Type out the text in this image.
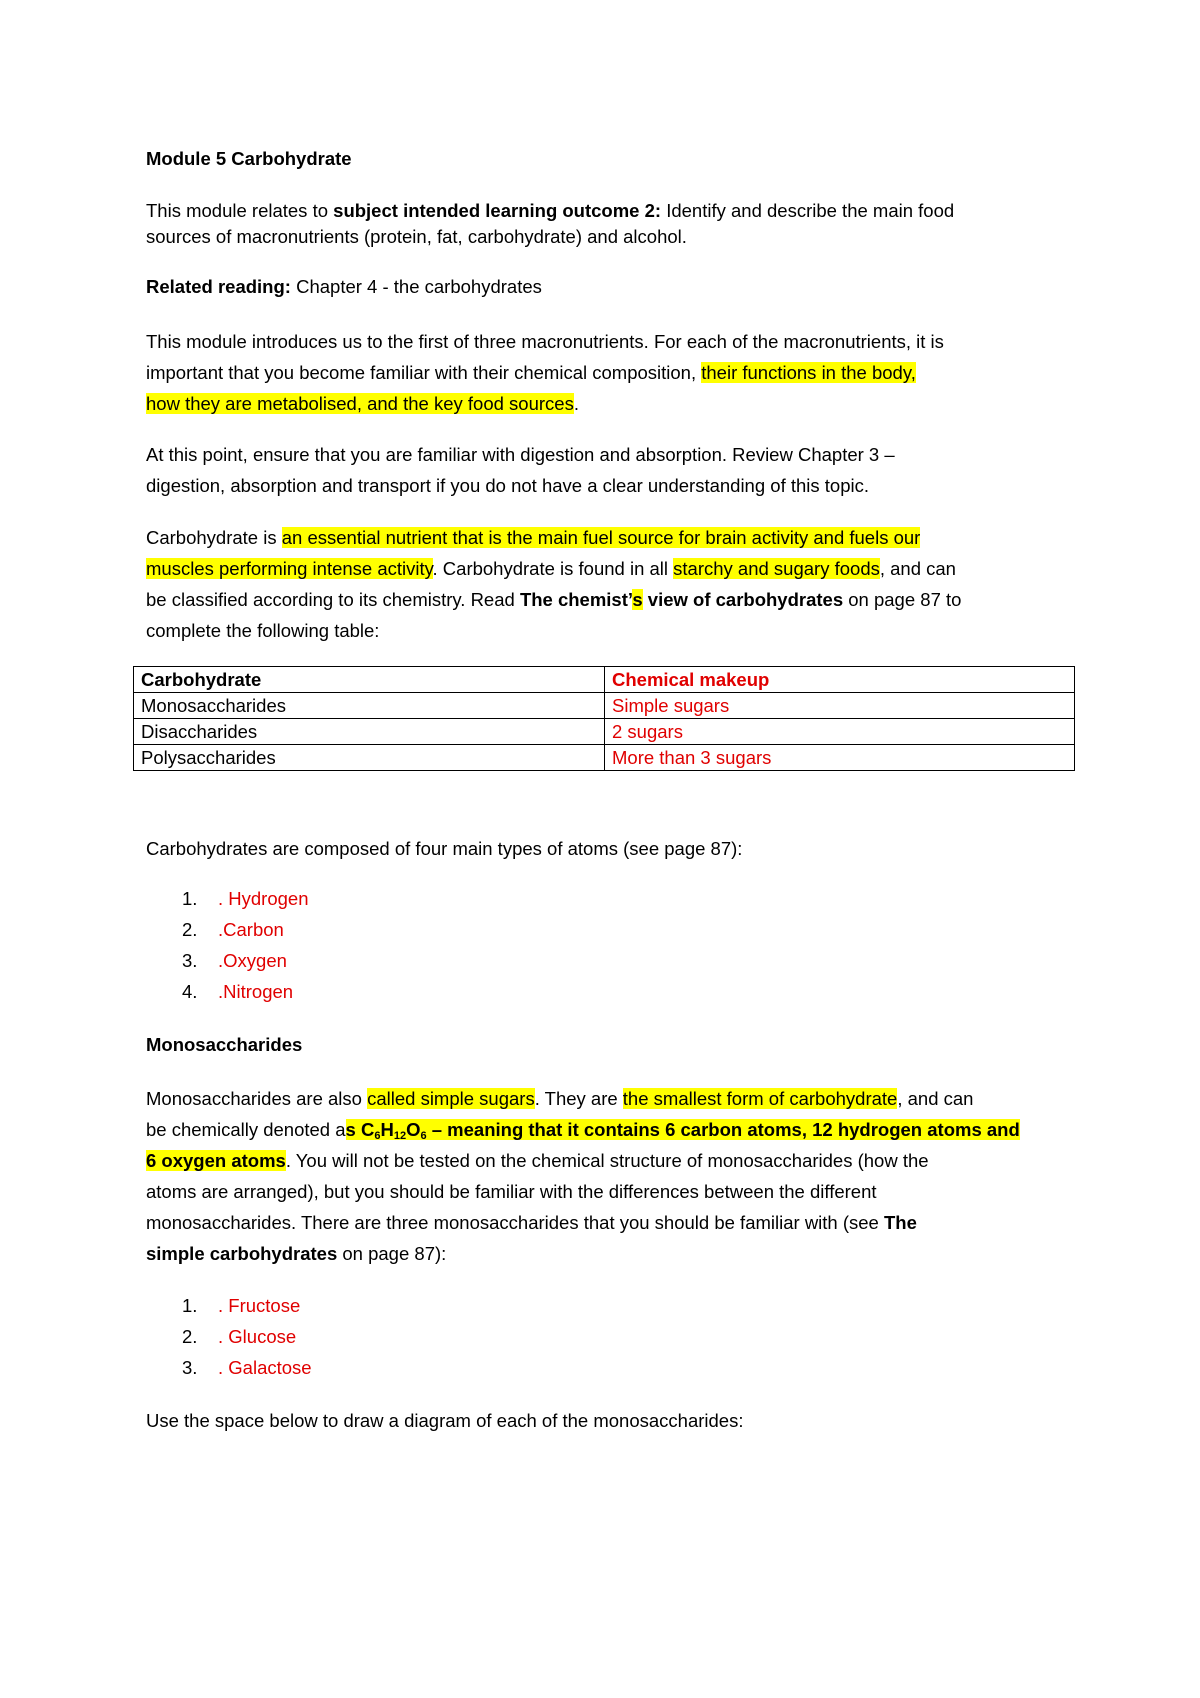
Module 5 Carbohydrate
This module relates to subject intended learning outcome 2: Identify and describe the main food
sources of macronutrients (protein, fat, carbohydrate) and alcohol.
Related reading: Chapter 4 - the carbohydrates
This module introduces us to the first of three macronutrients. For each of the macronutrients, it is
important that you become familiar with their chemical composition, their functions in the body,
how they are metabolised, and the key food sources.
At this point, ensure that you are familiar with digestion and absorption. Review Chapter 3 –
digestion, absorption and transport if you do not have a clear understanding of this topic.
Carbohydrate is an essential nutrient that is the main fuel source for brain activity and fuels our
muscles performing intense activity. Carbohydrate is found in all starchy and sugary foods, and can
be classified according to its chemistry. Read The chemist’s view of carbohydrates on page 87 to
complete the following table:
Carbohydrate	Chemical makeup
Monosaccharides	Simple sugars
Disaccharides	2 sugars
Polysaccharides	More than 3 sugars
Carbohydrates are composed of four main types of atoms (see page 87):
1. . Hydrogen
2. .Carbon
3. .Oxygen
4. .Nitrogen
Monosaccharides
Monosaccharides are also called simple sugars. They are the smallest form of carbohydrate, and can
be chemically denoted as $C_6H_{12}O_6$ – meaning that it contains 6 carbon atoms, 12 hydrogen atoms and
6 oxygen atoms. You will not be tested on the chemical structure of monosaccharides (how the
atoms are arranged), but you should be familiar with the differences between the different
monosaccharides. There are three monosaccharides that you should be familiar with (see The
simple carbohydrates on page 87):
1. . Fructose
2. . Glucose
3. . Galactose
Use the space below to draw a diagram of each of the monosaccharides:
